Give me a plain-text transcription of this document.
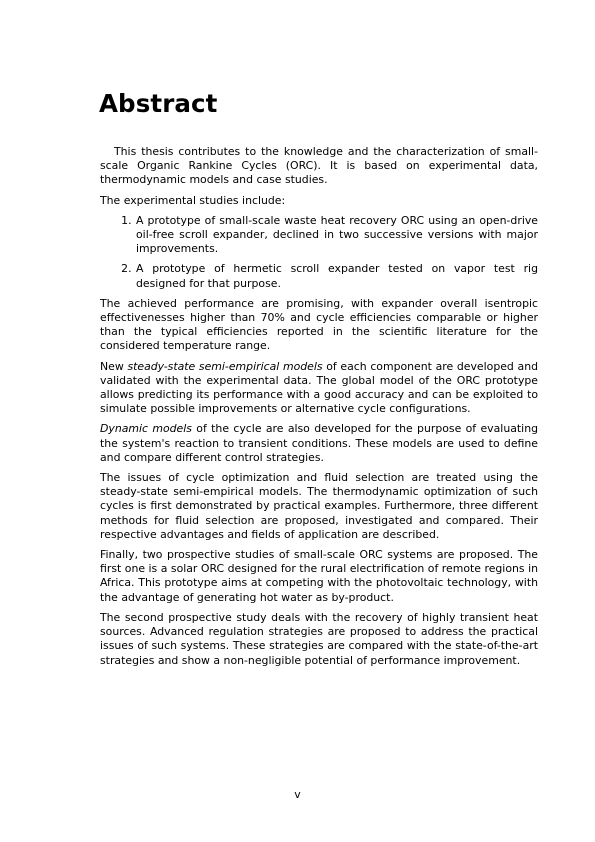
Abstract

This thesis contributes to the knowledge and the characterization of small-scale Organic Rankine Cycles (ORC). It is based on experimental data, thermodynamic models and case studies.

The experimental studies include:

1. A prototype of small-scale waste heat recovery ORC using an open-drive oil-free scroll expander, declined in two successive versions with major improvements.
2. A prototype of hermetic scroll expander tested on vapor test rig designed for that purpose.

The achieved performance are promising, with expander overall isentropic effectivenesses higher than 70% and cycle efficiencies comparable or higher than the typical efficiencies reported in the scientific literature for the considered temperature range.

New steady-state semi-empirical models of each component are developed and validated with the experimental data. The global model of the ORC prototype allows predicting its performance with a good accuracy and can be exploited to simulate possible improvements or alternative cycle configurations.

Dynamic models of the cycle are also developed for the purpose of evaluating the system's reaction to transient conditions. These models are used to define and compare different control strategies.

The issues of cycle optimization and fluid selection are treated using the steady-state semi-empirical models. The thermodynamic optimization of such cycles is first demonstrated by practical examples. Furthermore, three different methods for fluid selection are proposed, investigated and compared. Their respective advantages and fields of application are described.

Finally, two prospective studies of small-scale ORC systems are proposed. The first one is a solar ORC designed for the rural electrification of remote regions in Africa. This prototype aims at competing with the photovoltaic technology, with the advantage of generating hot water as by-product.

The second prospective study deals with the recovery of highly transient heat sources. Advanced regulation strategies are proposed to address the practical issues of such systems. These strategies are compared with the state-of-the-art strategies and show a non-negligible potential of performance improvement.

v
